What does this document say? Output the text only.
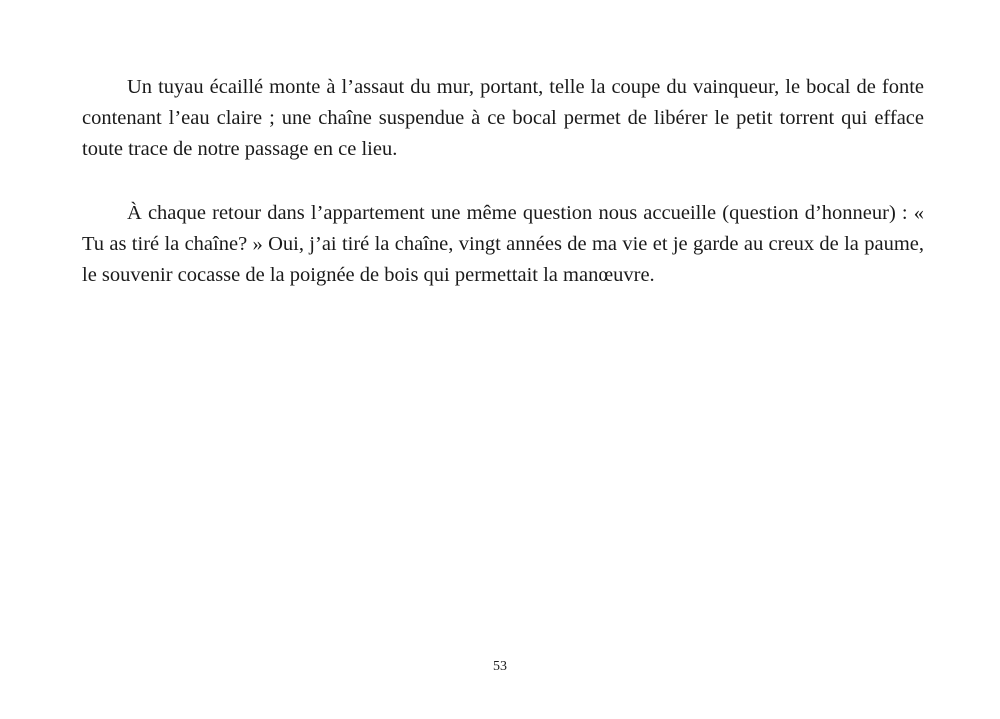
Un tuyau écaillé monte à l’assaut du mur, portant, telle la coupe du vainqueur, le bocal de fonte contenant l’eau claire ; une chaîne suspendue à ce bocal permet de libérer le petit torrent qui efface toute trace de notre passage en ce lieu.

À chaque retour dans l’appartement une même question nous accueille (question d’honneur) : « Tu as tiré la chaîne? » Oui, j’ai tiré la chaîne, vingt années de ma vie et je garde au creux de la paume, le souvenir cocasse de la poignée de bois qui permettait la manœuvre.

53
